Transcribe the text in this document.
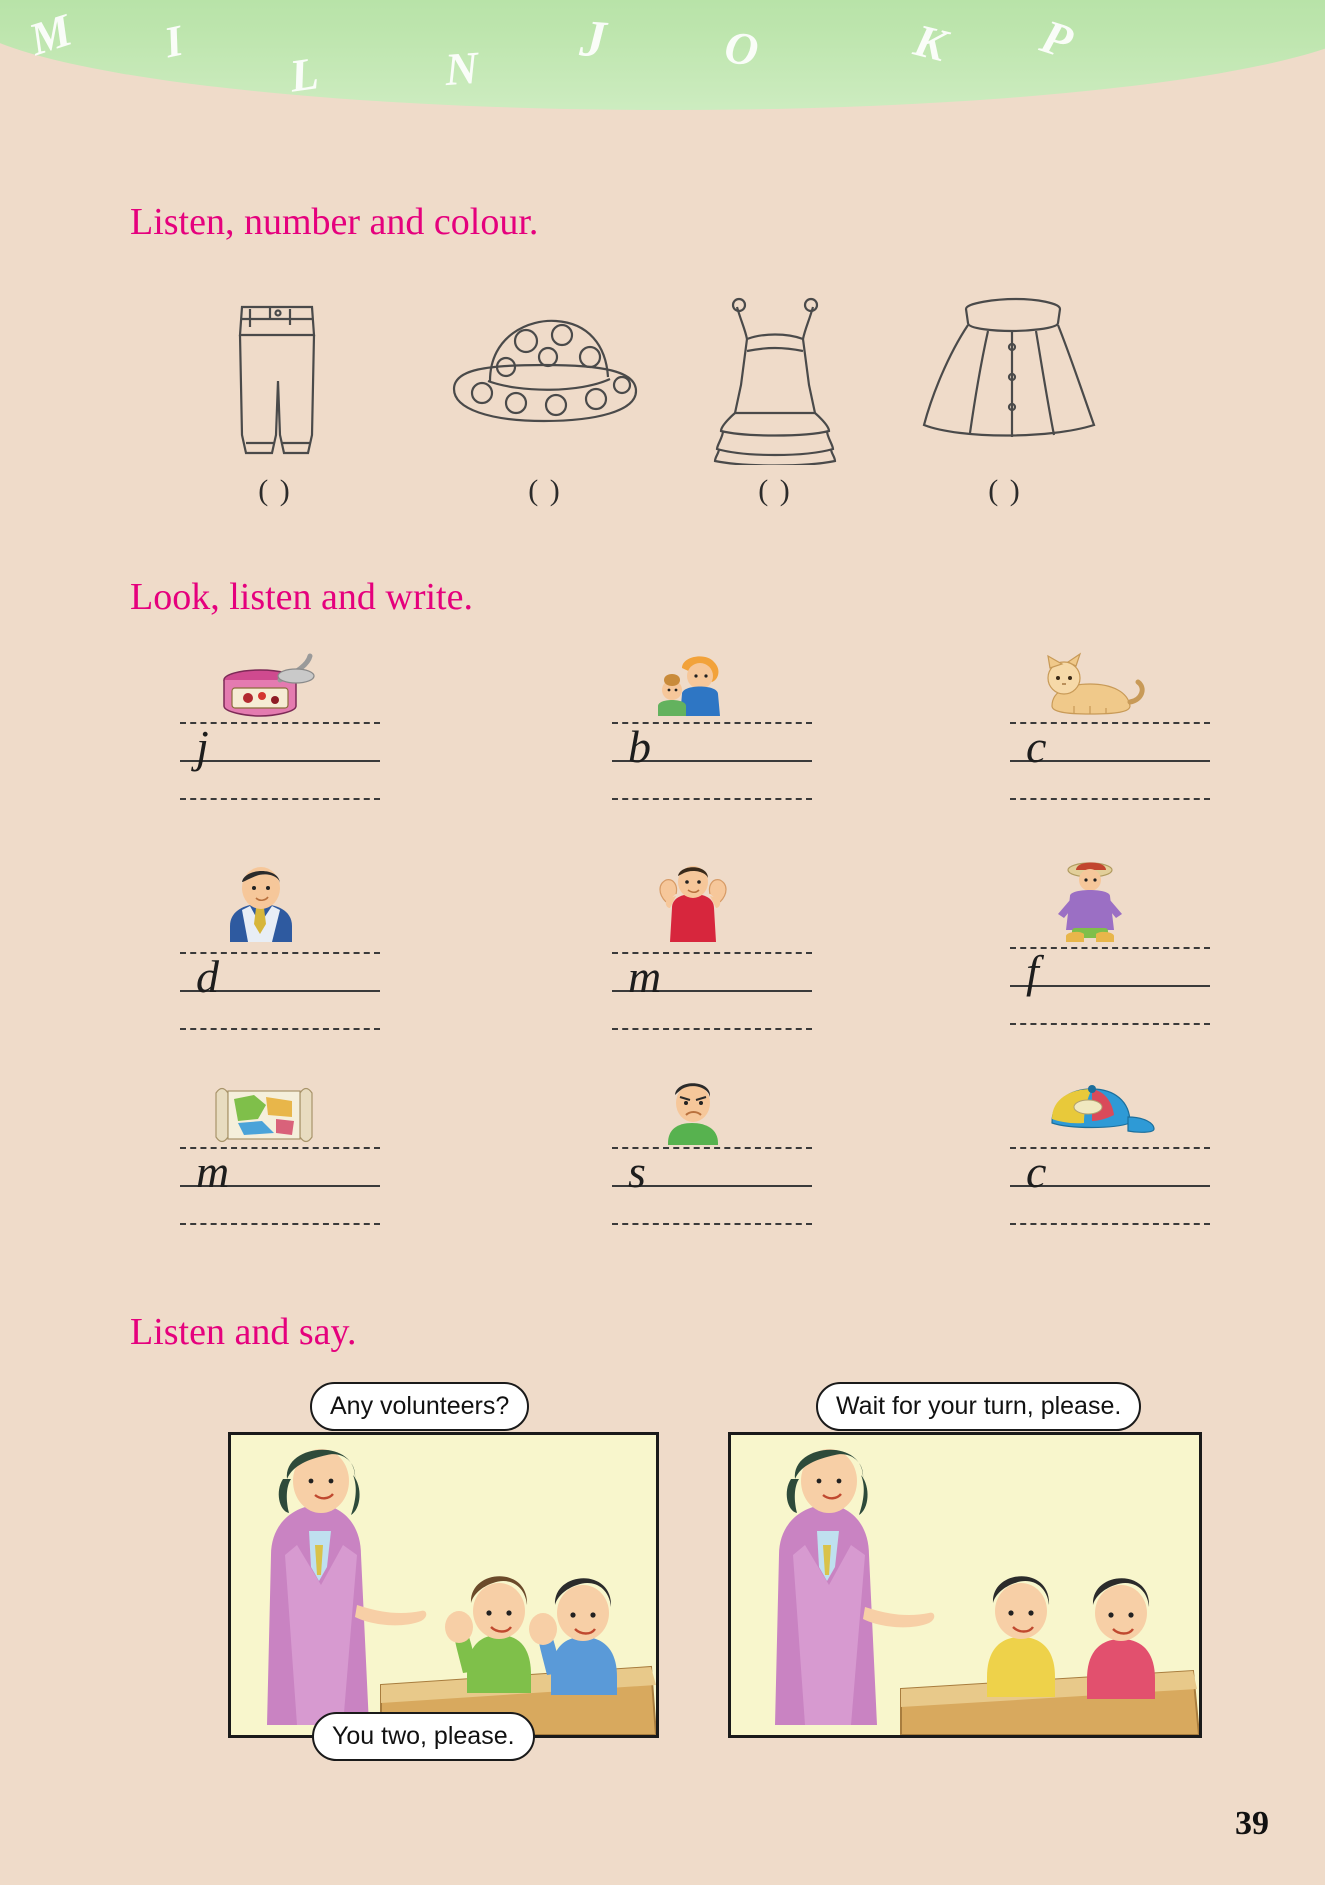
M I
L	N J O	K P
Listen, number and colour.
( )	( )	( )	( )
Look, listen and write.
j	b	c
d	m	f
m	s	c
Listen and say.
Any volunteers?
You two, please.
Wait for your turn, please.
39
